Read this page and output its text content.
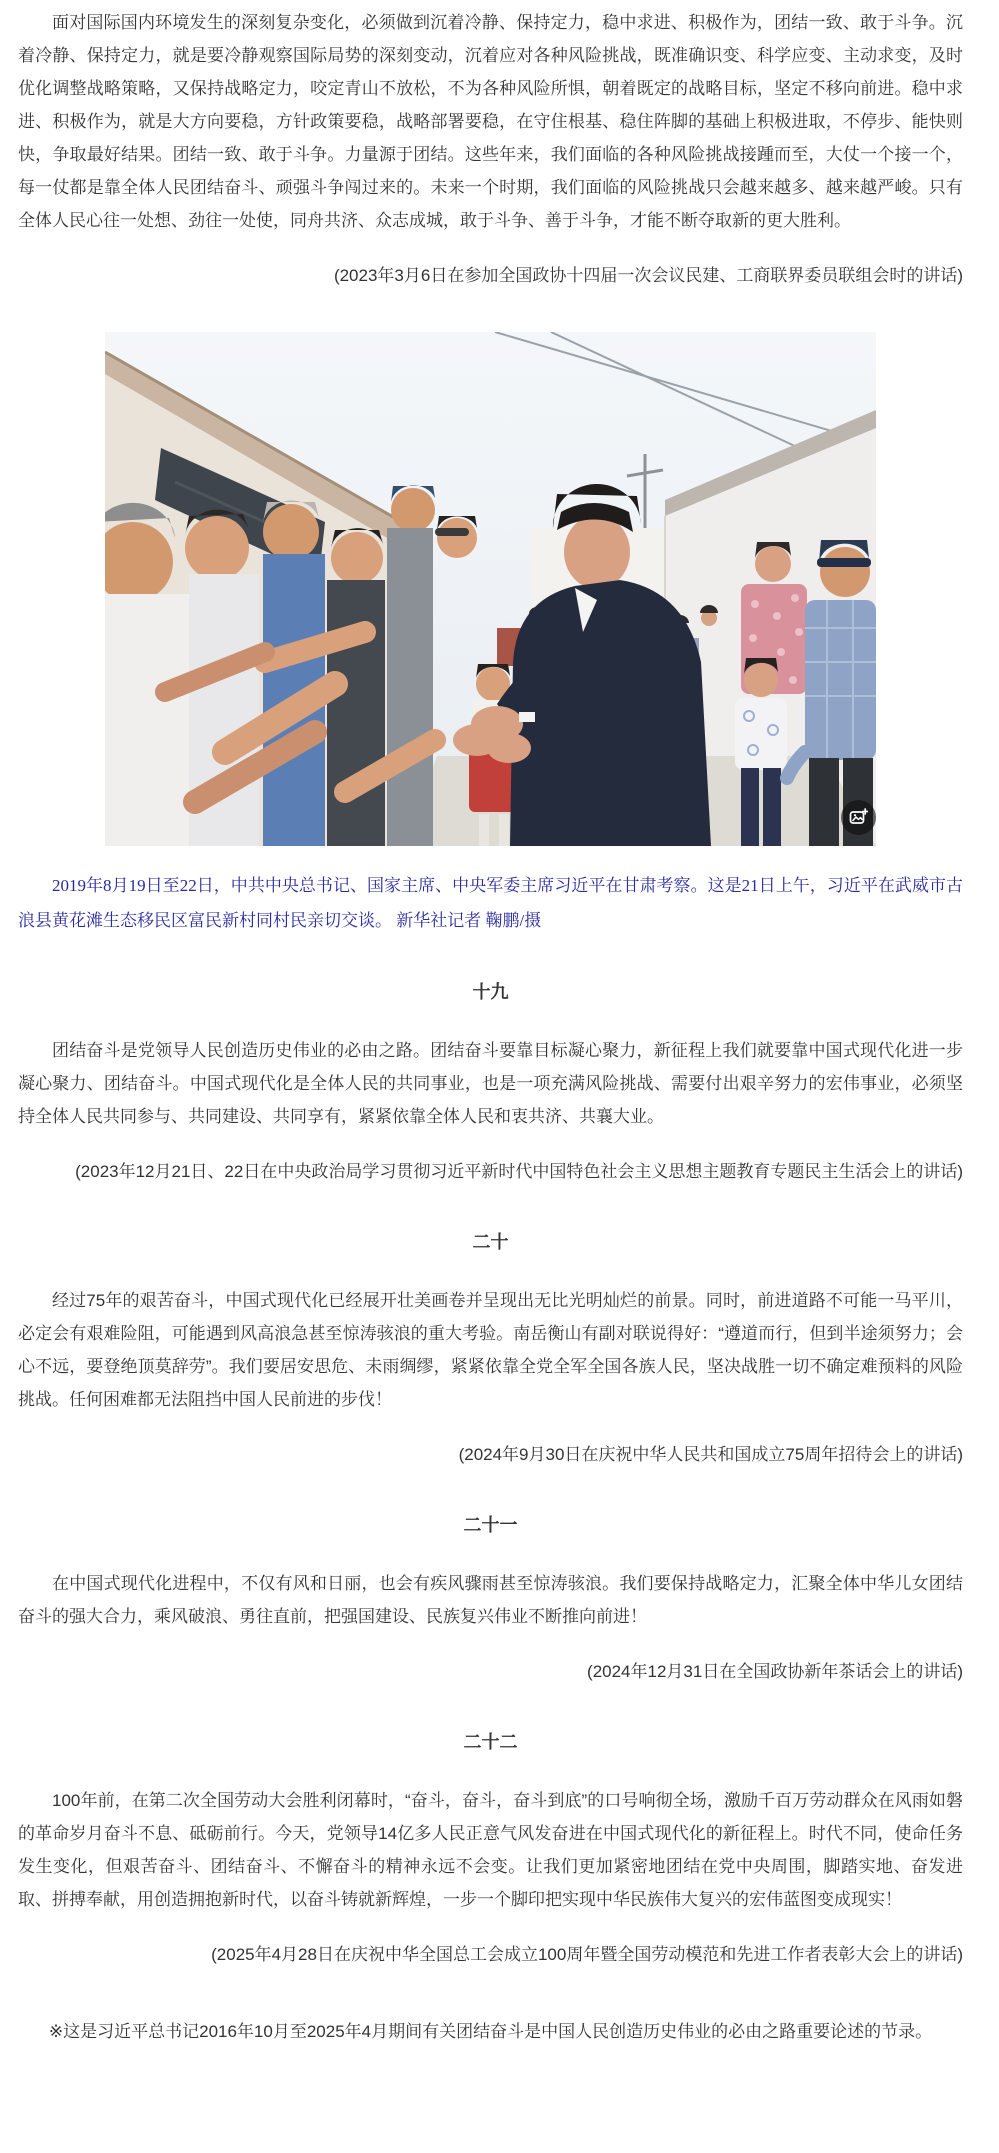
面对国际国内环境发生的深刻复杂变化，必须做到沉着冷静、保持定力，稳中求进、积极作为，团结一致、敢于斗争。沉着冷静、保持定力，就是要冷静观察国际局势的深刻变动，沉着应对各种风险挑战，既准确识变、科学应变、主动求变，及时优化调整战略策略，又保持战略定力，咬定青山不放松，不为各种风险所惧，朝着既定的战略目标，坚定不移向前进。稳中求进、积极作为，就是大方向要稳，方针政策要稳，战略部署要稳，在守住根基、稳住阵脚的基础上积极进取，不停步、能快则快，争取最好结果。团结一致、敢于斗争。力量源于团结。这些年来，我们面临的各种风险挑战接踵而至，大仗一个接一个，每一仗都是靠全体人民团结奋斗、顽强斗争闯过来的。未来一个时期，我们面临的风险挑战只会越来越多、越来越严峻。只有全体人民心往一处想、劲往一处使，同舟共济、众志成城，敢于斗争、善于斗争，才能不断夺取新的更大胜利。

(2023年3月6日在参加全国政协十四届一次会议民建、工商联界委员联组会时的讲话)

2019年8月19日至22日，中共中央总书记、国家主席、中央军委主席习近平在甘肃考察。这是21日上午，习近平在武威市古浪县黄花滩生态移民区富民新村同村民亲切交谈。 新华社记者 鞠鹏/摄

十九

团结奋斗是党领导人民创造历史伟业的必由之路。团结奋斗要靠目标凝心聚力，新征程上我们就要靠中国式现代化进一步凝心聚力、团结奋斗。中国式现代化是全体人民的共同事业，也是一项充满风险挑战、需要付出艰辛努力的宏伟事业，必须坚持全体人民共同参与、共同建设、共同享有，紧紧依靠全体人民和衷共济、共襄大业。

(2023年12月21日、22日在中央政治局学习贯彻习近平新时代中国特色社会主义思想主题教育专题民主生活会上的讲话)

二十

经过75年的艰苦奋斗，中国式现代化已经展开壮美画卷并呈现出无比光明灿烂的前景。同时，前进道路不可能一马平川，必定会有艰难险阻，可能遇到风高浪急甚至惊涛骇浪的重大考验。南岳衡山有副对联说得好：“遵道而行，但到半途须努力；会心不远，要登绝顶莫辞劳”。我们要居安思危、未雨绸缪，紧紧依靠全党全军全国各族人民，坚决战胜一切不确定难预料的风险挑战。任何困难都无法阻挡中国人民前进的步伐！

(2024年9月30日在庆祝中华人民共和国成立75周年招待会上的讲话)

二十一

在中国式现代化进程中，不仅有风和日丽，也会有疾风骤雨甚至惊涛骇浪。我们要保持战略定力，汇聚全体中华儿女团结奋斗的强大合力，乘风破浪、勇往直前，把强国建设、民族复兴伟业不断推向前进！

(2024年12月31日在全国政协新年茶话会上的讲话)

二十二

100年前，在第二次全国劳动大会胜利闭幕时，“奋斗，奋斗，奋斗到底”的口号响彻全场，激励千百万劳动群众在风雨如磐的革命岁月奋斗不息、砥砺前行。今天，党领导14亿多人民正意气风发奋进在中国式现代化的新征程上。时代不同，使命任务发生变化，但艰苦奋斗、团结奋斗、不懈奋斗的精神永远不会变。让我们更加紧密地团结在党中央周围，脚踏实地、奋发进取、拼搏奉献，用创造拥抱新时代，以奋斗铸就新辉煌，一步一个脚印把实现中华民族伟大复兴的宏伟蓝图变成现实！

(2025年4月28日在庆祝中华全国总工会成立100周年暨全国劳动模范和先进工作者表彰大会上的讲话)

※这是习近平总书记2016年10月至2025年4月期间有关团结奋斗是中国人民创造历史伟业的必由之路重要论述的节录。
